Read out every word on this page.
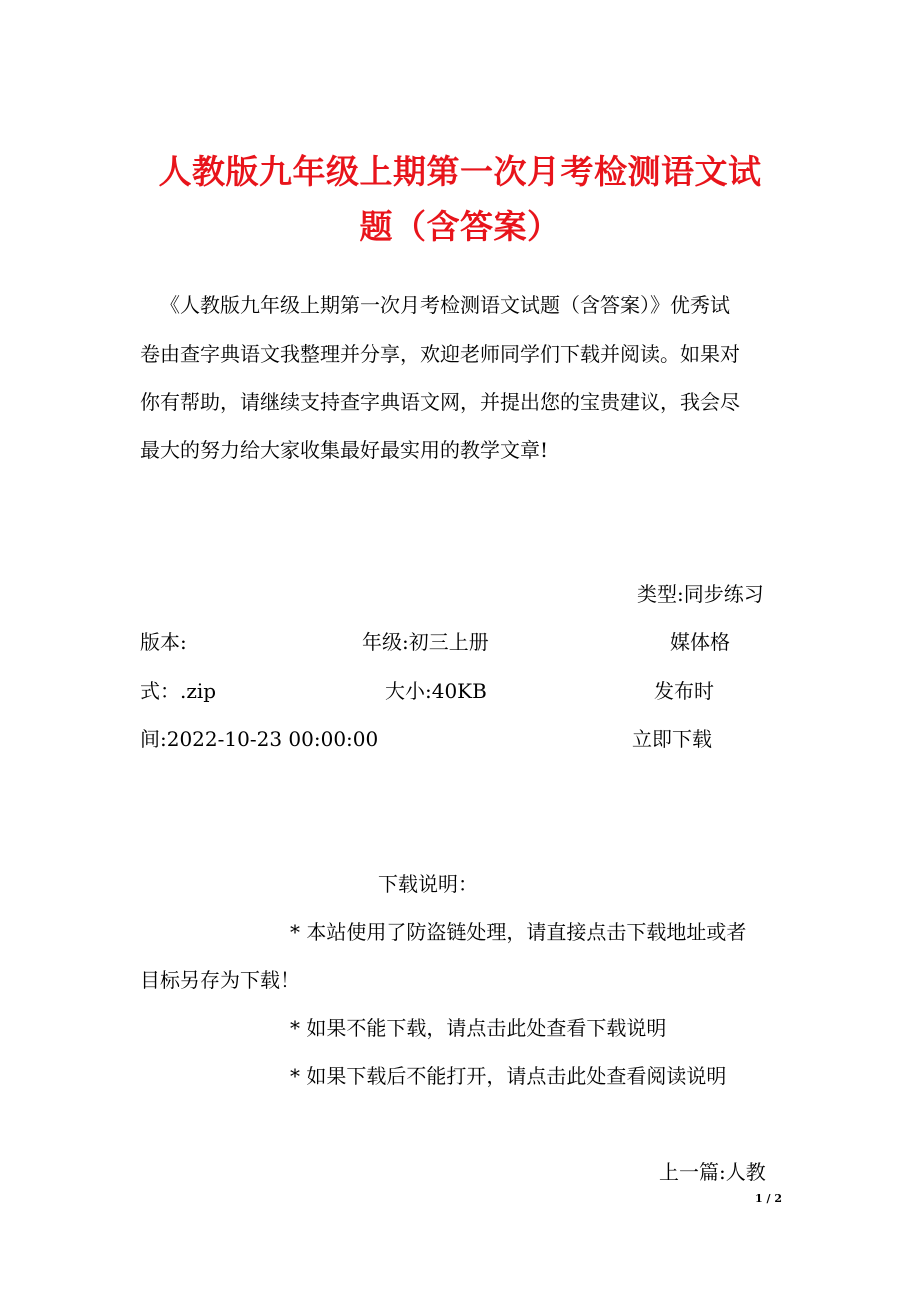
人教版九年级上期第一次月考检测语文试
题（含答案）
《人教版九年级上期第一次月考检测语文试题（含答案）》优秀试
卷由查字典语文我整理并分享，欢迎老师同学们下载并阅读。如果对
你有帮助，请继续支持查字典语文网，并提出您的宝贵建议，我会尽
最大的努力给大家收集最好最实用的教学文章!
类型:同步练习
版本:	年级:初三上册	媒体格
式：.zip	大小:40KB	发布时
间:2022-10-23 00:00:00	立即下载
下载说明：
* 本站使用了防盗链处理，请直接点击下载地址或者
目标另存为下载！
* 如果不能下载，请点击此处查看下载说明
* 如果下载后不能打开，请点击此处查看阅读说明
上一篇:人教
1 / 2
